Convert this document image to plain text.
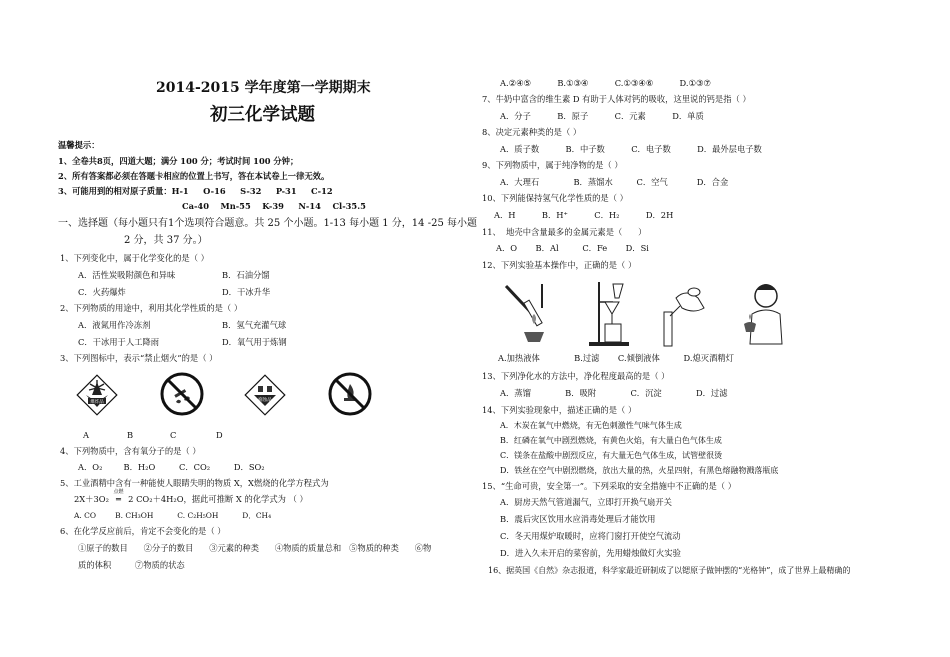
2014-2015 学年度第一学期期末
初三化学试题
温馨提示：
1、全卷共8页，四道大题；满分 100 分；考试时间 100 分钟；
2、所有答案都必须在答题卡相应的位置上书写，答在本试卷上一律无效。
3、可能用到的相对原子质量：H-1     O-16     S-32     P-31     C-12
Ca-40    Mn-55    K-39     N-14    Cl-35.5
一、选择题（每小题只有1个选项符合题意。共 25 个小题。1-13 每小题 1 分，14 -25 每小题
2 分，共 37 分。）
1、下列变化中，属于化学变化的是（ ）
A．活性炭吸附颜色和异味	B．石油分馏
C．火药爆炸	D．干冰升华
2、下列物质的用途中，利用其化学性质的是（ ）
A．液氮用作冷冻剂	B．氢气充灌气球
C．干冰用于人工降雨	D．氧气用于炼钢
3、下列图标中，表示“禁止烟火”的是（ ）
爆炸品	腐蚀品
A	B	C	D
4、下列物质中，含有氧分子的是（ ）
A．O₂        B．H₂O         C．CO₂         D．SO₂
5、工业酒精中含有一种能使人眼睛失明的物质 X，X燃烧的化学方程式为
2X＋3O₂
点燃
═ 2 CO₂＋4H₂O，据此可推断 X 的化学式为 （ ）
A. CO        B. CH₃OH          C. C₂H₅OH          D．CH₄
6、在化学反应前后，肯定不会变化的是（ ）
①原子的数目      ②分子的数目      ③元素的种类      ④物质的质量总和   ⑤物质的种类      ⑥物
质的体积         ⑦物质的状态
A.②④⑤          B.①③④          C.①③④⑥          D.①③⑦
7、牛奶中富含的维生素 D 有助于人体对钙的吸收，这里说的钙是指（ ）
A．分子          B．原子          C．元素          D．单质
8、决定元素种类的是（ ）
A．质子数          B．中子数          C．电子数          D．最外层电子数
9、下列物质中，属于纯净物的是（ ）
A．大理石             B．蒸馏水         C．空气           D．合金
10、下列能保持氢气化学性质的是（ ）
A．H          B．H⁺          C．H₂          D．2H
11、  地壳中含量最多的金属元素是（      ）
A．O       B．Al         C．Fe       D．Si
12、下列实验基本操作中，正确的是（ ）
A.加热液体             B.过滤       C.倾倒液体         D.熄灭酒精灯
13、下列净化水的方法中，净化程度最高的是（ ）
A．蒸馏             B．吸附             C．沉淀             D．过滤
14、下列实验现象中，描述正确的是（ ）
A．木炭在氧气中燃烧，有无色刺激性气味气体生成
B．红磷在氧气中剧烈燃烧，有黄色火焰，有大量白色气体生成
C．镁条在盐酸中剧烈反应，有大量无色气体生成，试管壁很烫
D．铁丝在空气中剧烈燃烧，放出大量的热，火星四射，有黑色熔融物溅落瓶底
15、“生命可贵，安全第一”。下列采取的安全措施中不正确的是（ ）
A．厨房天然气管道漏气，立即打开换气扇开关
B．震后灾区饮用水应消毒处理后才能饮用
C．冬天用煤炉取暖时，应将门窗打开使空气流动
D．进入久未开启的菜窖前，先用蜡烛做灯火实验
16、据英国《自然》杂志报道，科学家最近研制成了以锶原子做钟摆的“光格钟”，成了世界上最精确的
